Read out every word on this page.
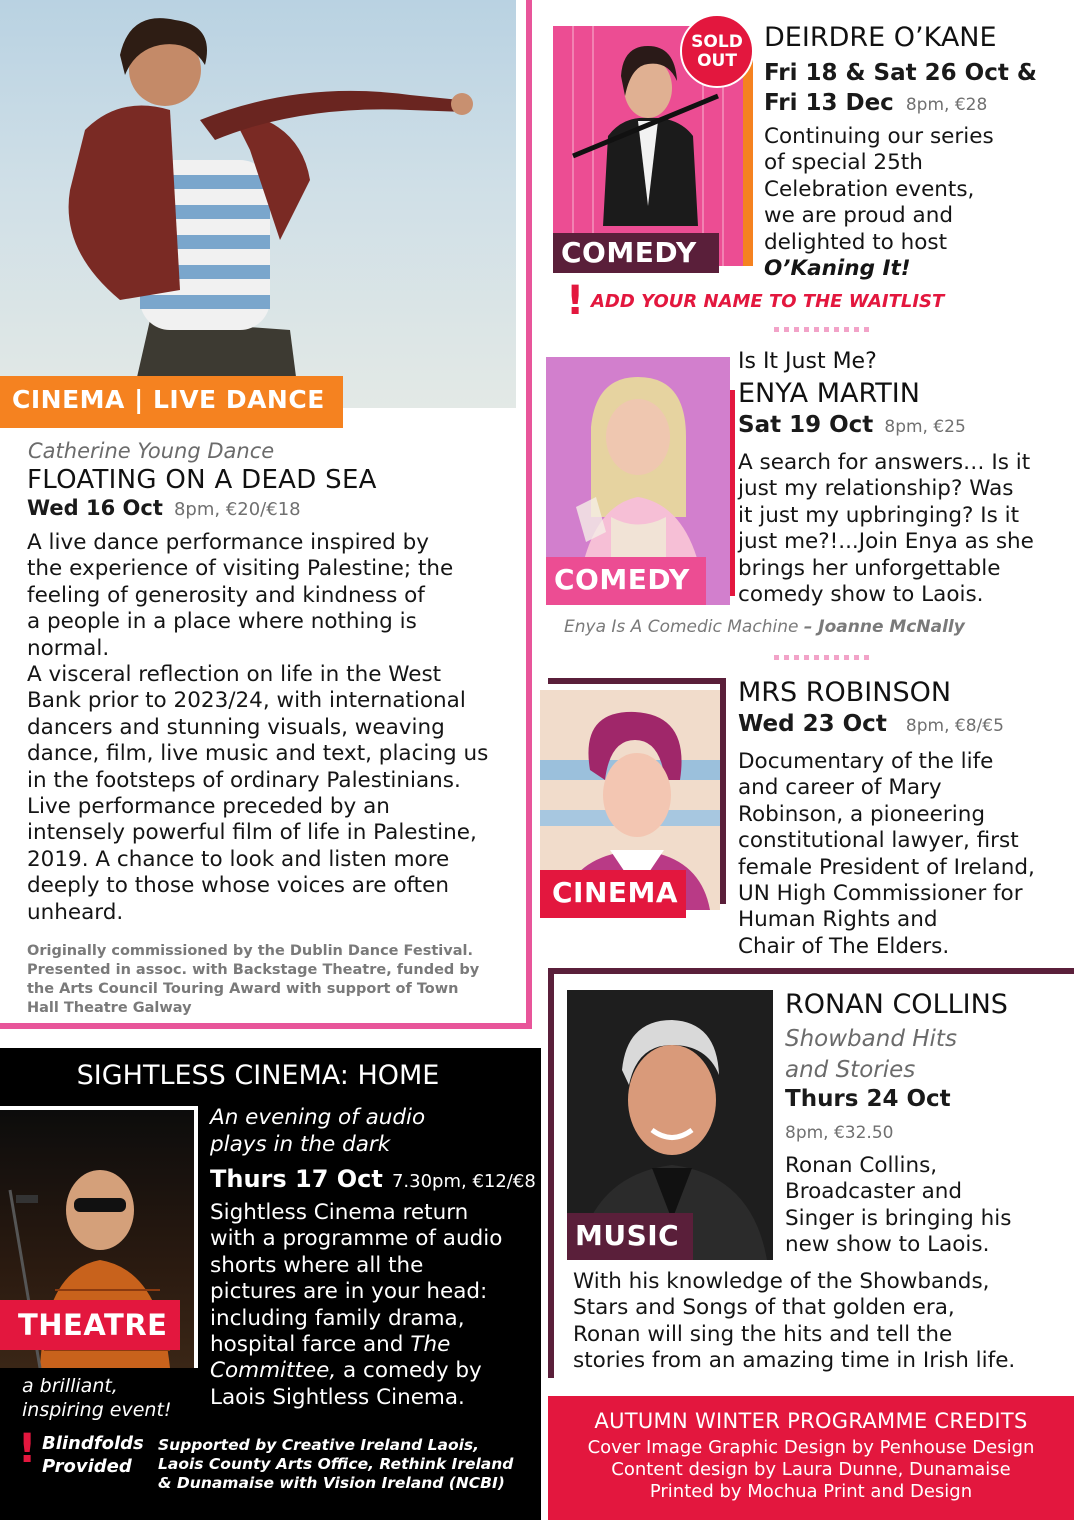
CINEMA | LIVE DANCE
Catherine Young Dance
FLOATING ON A DEAD SEA
Wed 16 Oct 8pm, €20/€18
A live dance performance inspired by
the experience of visiting Palestine; the
feeling of generosity and kindness of
a people in a place where nothing is
normal.
A visceral reflection on life in the West
Bank prior to 2023/24, with international
dancers and stunning visuals, weaving
dance, film, live music and text, placing us
in the footsteps of ordinary Palestinians.
Live performance preceded by an
intensely powerful film of life in Palestine,
2019. A chance to look and listen more
deeply to those whose voices are often
unheard.
Originally commissioned by the Dublin Dance Festival.
Presented in assoc. with Backstage Theatre, funded by
the Arts Council Touring Award with support of Town
Hall Theatre Galway
SIGHTLESS CINEMA: HOME
THEATRE
An evening of audio
plays in the dark
Thurs 17 Oct 7.30pm, €12/€8
Sightless Cinema return
with a programme of audio
shorts where all the
pictures are in your head:
including family drama,
hospital farce and The
Committee, a comedy by
Laois Sightless Cinema.
a brilliant,
inspiring event!
! Blindfolds
Provided
Supported by Creative Ireland Laois,
Laois County Arts Office, Rethink Ireland
& Dunamaise with Vision Ireland (NCBI)
SOLD
OUT
COMEDY
DEIRDRE O’KANE
Fri 18 & Sat 26 Oct &
Fri 13 Dec 8pm, €28
Continuing our series
of special 25th
Celebration events,
we are proud and
delighted to host
O’Kaning It!
! ADD YOUR NAME TO THE WAITLIST
COMEDY
Is It Just Me?
ENYA MARTIN
Sat 19 Oct 8pm, €25
A search for answers… Is it
just my relationship? Was
it just my upbringing? Is it
just me?!...Join Enya as she
brings her unforgettable
comedy show to Laois.
Enya Is A Comedic Machine – Joanne McNally
CINEMA
MRS ROBINSON
Wed 23 Oct 8pm, €8/€5
Documentary of the life
and career of Mary
Robinson, a pioneering
constitutional lawyer, first
female President of Ireland,
UN High Commissioner for
Human Rights and
Chair of The Elders.
MUSIC
RONAN COLLINS
Showband Hits
and Stories
Thurs 24 Oct
8pm, €32.50
Ronan Collins,
Broadcaster and
Singer is bringing his
new show to Laois.
With his knowledge of the Showbands,
Stars and Songs of that golden era,
Ronan will sing the hits and tell the
stories from an amazing time in Irish life.
AUTUMN WINTER PROGRAMME CREDITS
Cover Image Graphic Design by Penhouse Design
Content design by Laura Dunne, Dunamaise
Printed by Mochua Print and Design
